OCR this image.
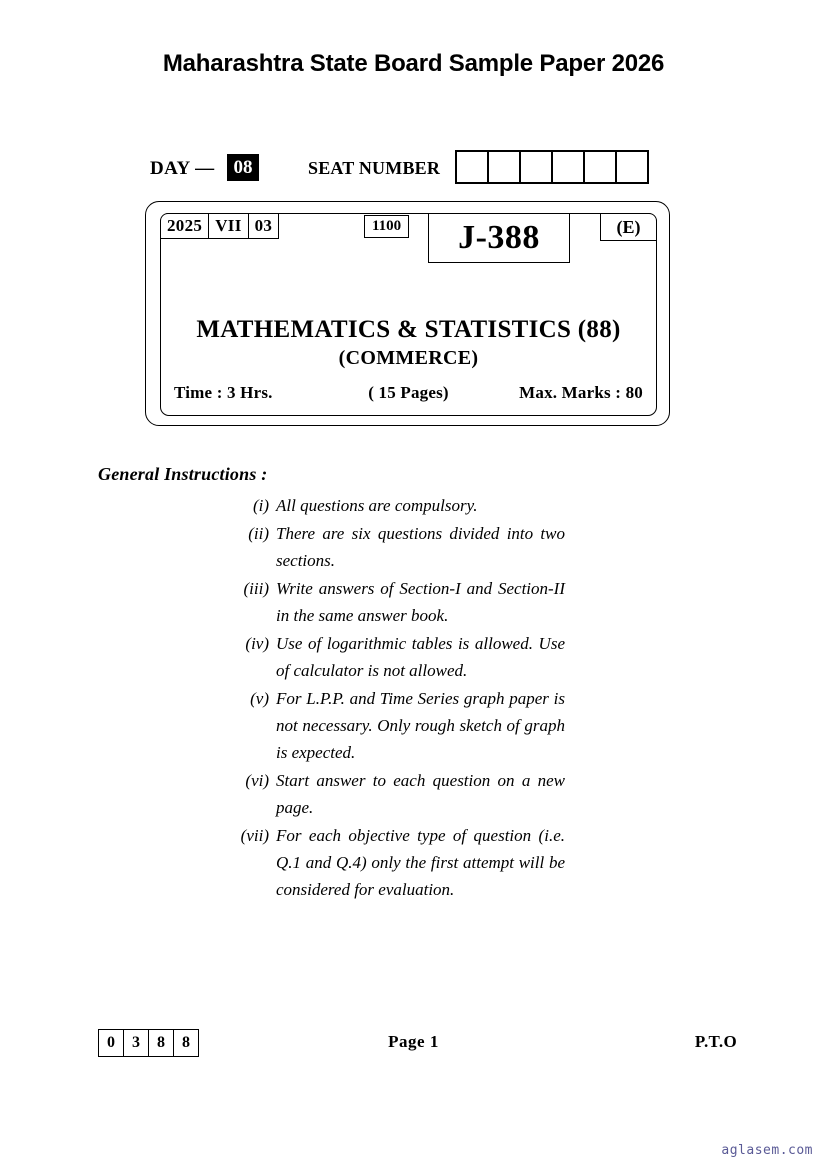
Maharashtra State Board Sample Paper 2026
DAY —	08	SEAT NUMBER
2025 VII 03	1100	J-388	(E)
MATHEMATICS & STATISTICS (88)
(COMMERCE)
Time : 3 Hrs.	( 15 Pages)	Max. Marks : 80
General Instructions :
(i) All questions are compulsory.
(ii) There are six questions divided into two sections.
(iii) Write answers of Section-I and Section-II in the same answer book.
(iv) Use of logarithmic tables is allowed. Use of calculator is not allowed.
(v) For L.P.P. and Time Series graph paper is not necessary. Only rough sketch of graph is expected.
(vi) Start answer to each question on a new page.
(vii) For each objective type of question (i.e. Q.1 and Q.4) only the first attempt will be considered for evaluation.
0	3	8	8	Page 1	P.T.O
aglasem.com
